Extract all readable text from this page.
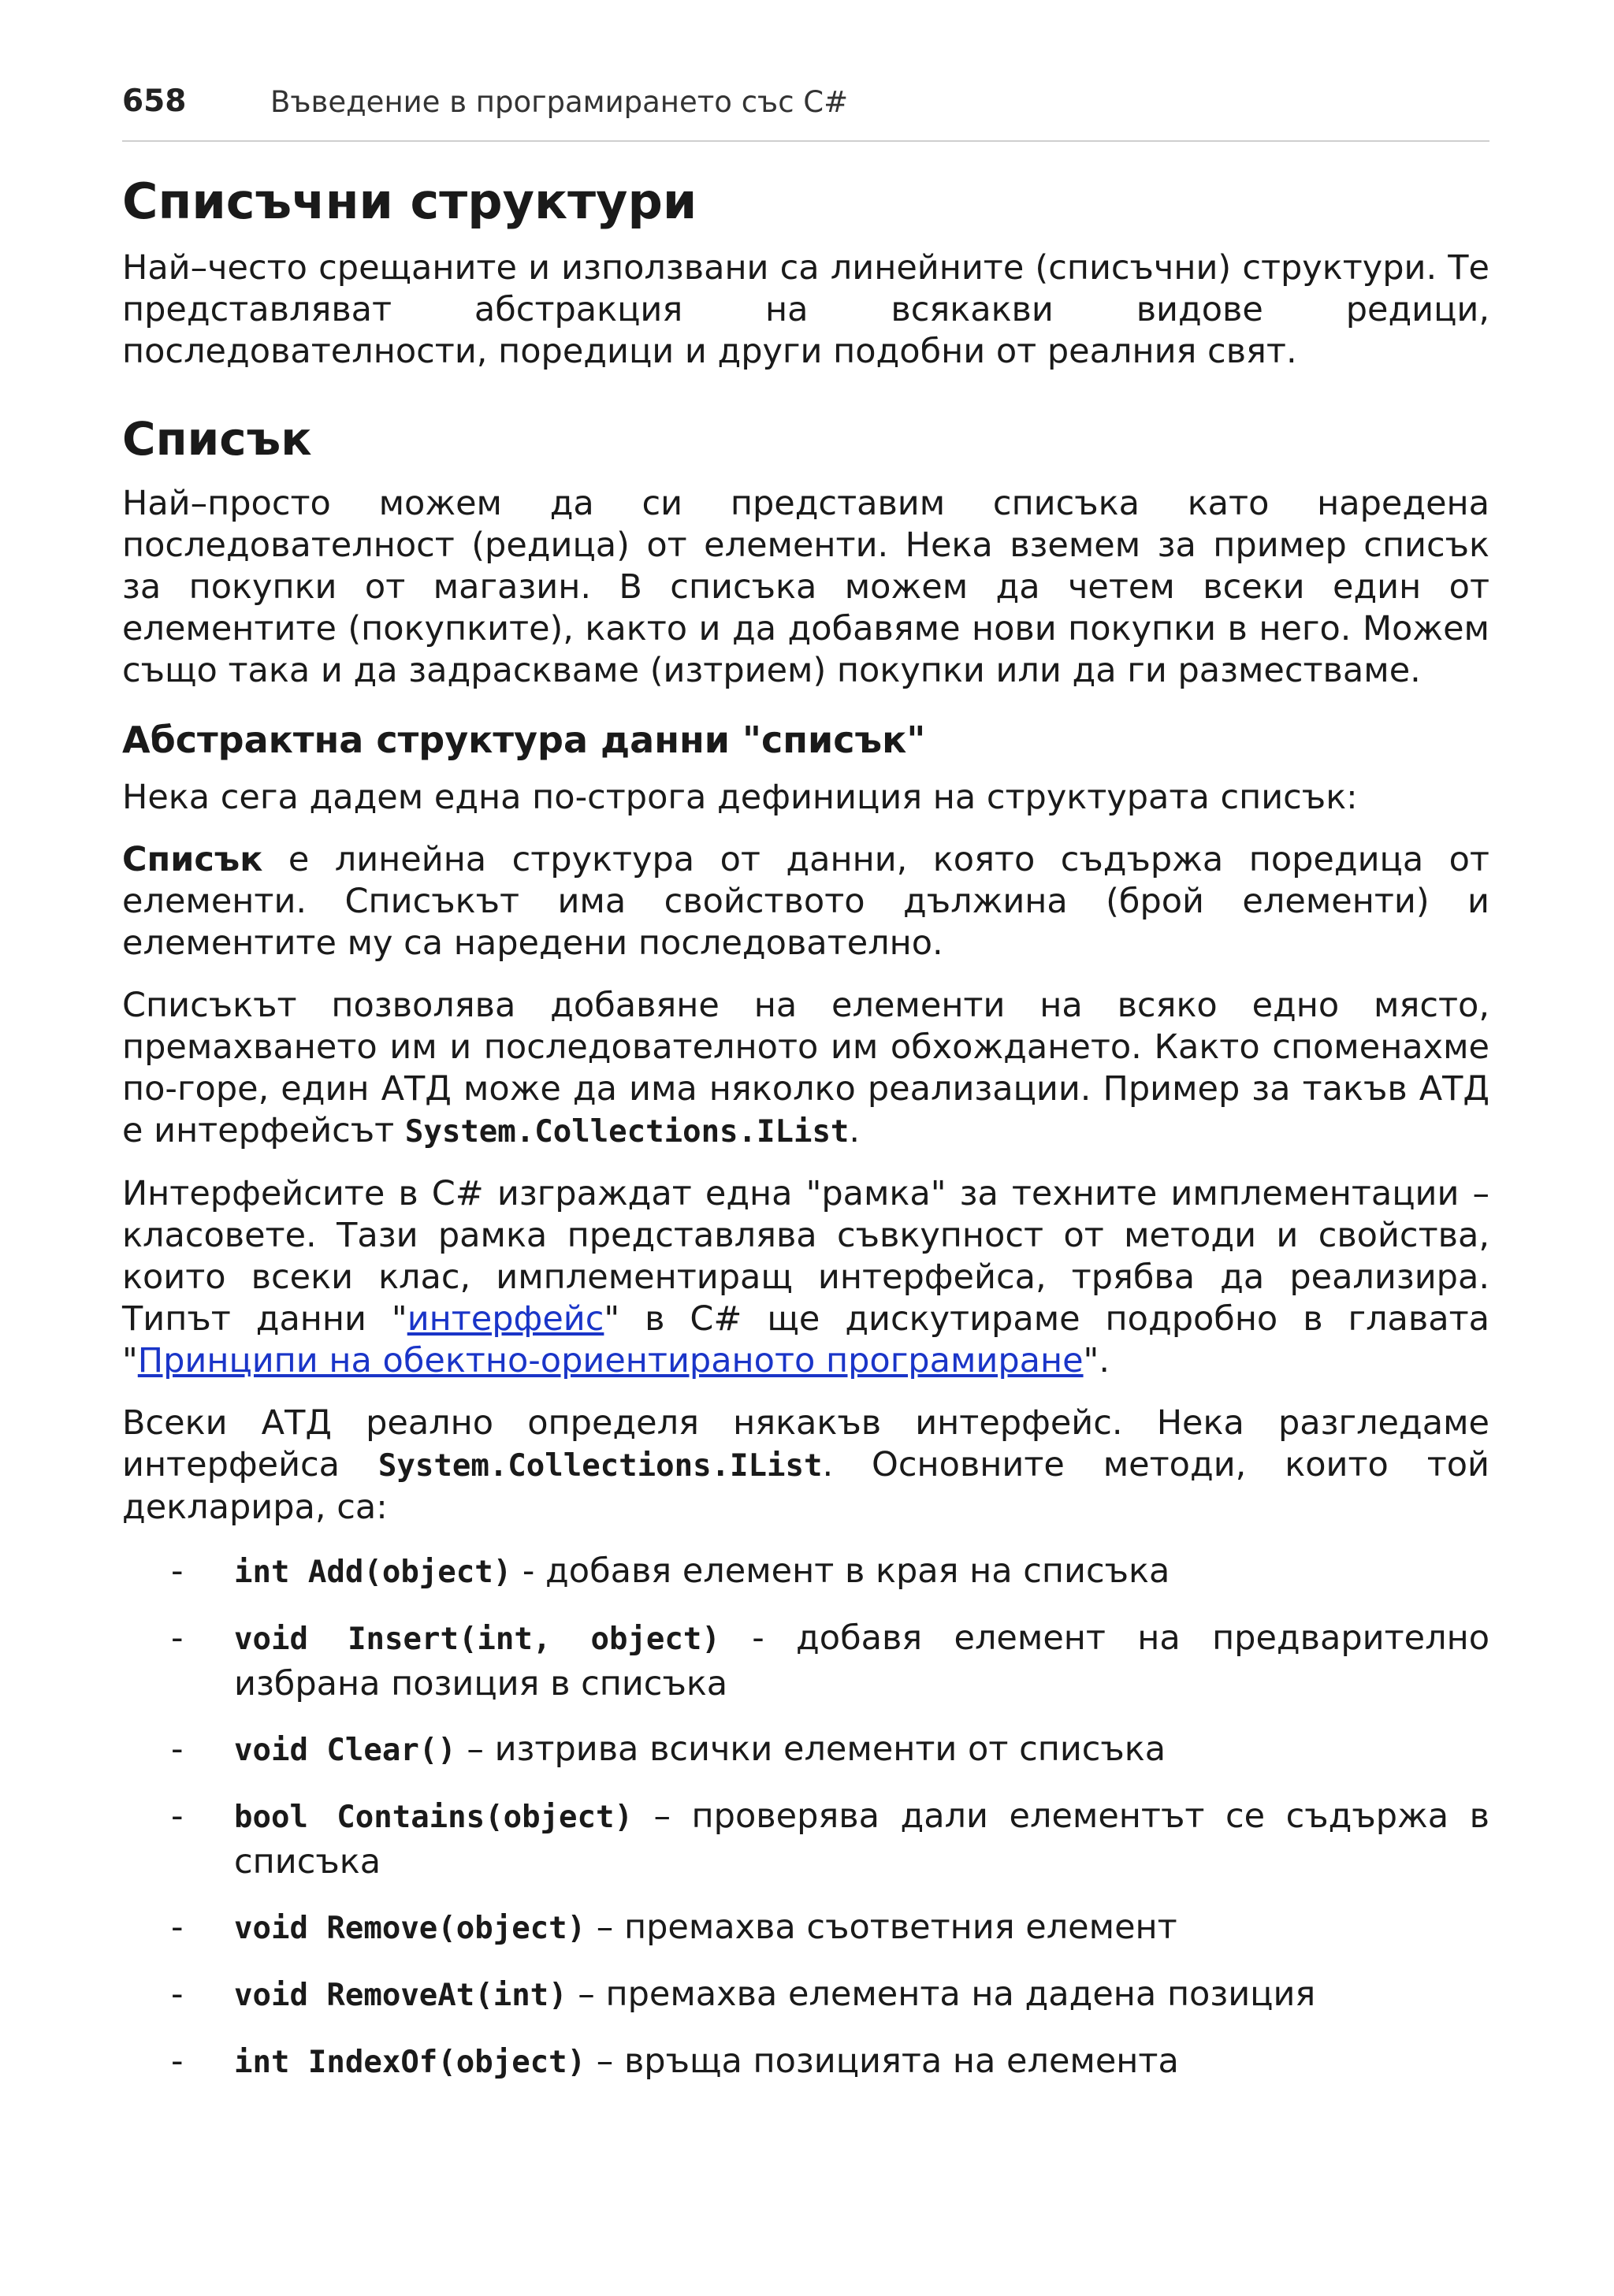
658	Въведение в програмирането със C#
Списъчни структури

Най–често срещаните и използвани са линейните (списъчни) структури. Те представляват абстракция на всякакви видове редици, последователности, поредици и други подобни от реалния свят.

Списък

Най–просто можем да си представим списъка като наредена последователност (редица) от елементи. Нека вземем за пример списък за покупки от магазин. В списъка можем да четем всеки един от елементите (покупките), както и да добавяме нови покупки в него. Можем също така и да задраскваме (изтрием) покупки или да ги разместваме.

Абстрактна структура данни "списък"

Нека сега дадем една по-строга дефиниция на структурата списък:

Списък е линейна структура от данни, която съдържа поредица от елементи. Списъкът има свойството дължина (брой елементи) и елементите му са наредени последователно.

Списъкът позволява добавяне на елементи на всяко едно място, премахването им и последователното им обхождането. Както споменахме по-горе, един АТД може да има няколко реализации. Пример за такъв АТД е интерфейсът System.Collections.IList.

Интерфейсите в C# изграждат една "рамка" за техните имплементации – класовете. Тази рамка представлява съвкупност от методи и свойства, които всеки клас, имплементиращ интерфейса, трябва да реализира. Типът данни "интерфейс" в C# ще дискутираме подробно в главата "Принципи на обектно-ориентираното програмиране".

Всеки АТД реално определя някакъв интерфейс. Нека разгледаме интерфейса System.Collections.IList. Основните методи, които той декларира, са:

- int Add(object) - добавя елемент в края на списъка
- void Insert(int, object) - добавя елемент на предварително избрана позиция в списъка
- void Clear() – изтрива всички елементи от списъка
- bool Contains(object) – проверява дали елементът се съдържа в списъка
- void Remove(object) – премахва съответния елемент
- void RemoveAt(int) – премахва елемента на дадена позиция
- int IndexOf(object) – връща позицията на елемента
